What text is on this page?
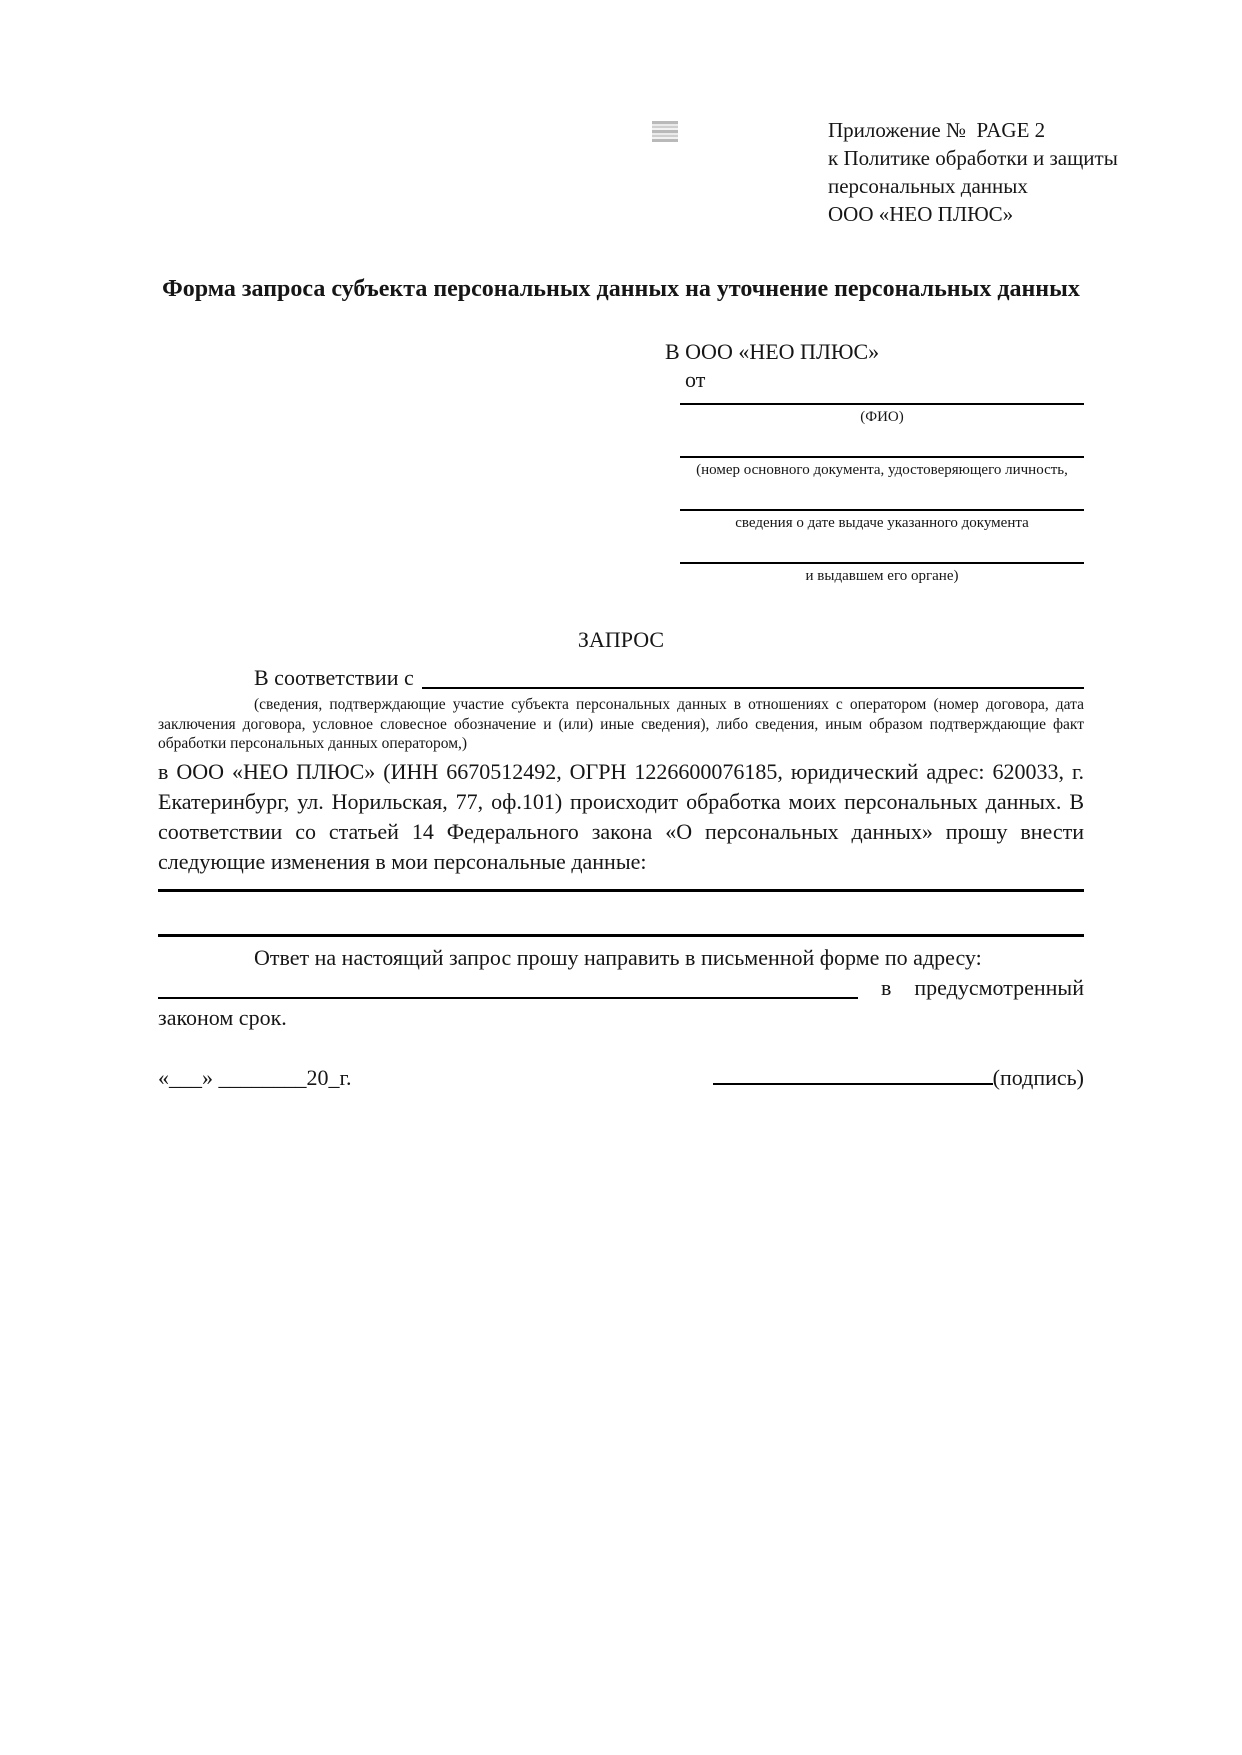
Приложение №  PAGE 2
к Политике обработки и защиты
персональных данных
ООО «НЕО ПЛЮС»
Форма запроса субъекта персональных данных на уточнение персональных данных
В ООО «НЕО ПЛЮС»
от
(ФИО)
(номер основного документа, удостоверяющего личность,
сведения о дате выдаче указанного документа
и выдавшем его органе)
ЗАПРОС
В соответствии с

(сведения, подтверждающие участие субъекта персональных данных в отношениях с оператором (номер договора, дата заключения договора, условное словесное обозначение и (или) иные сведения), либо сведения, иным образом подтверждающие факт обработки персональных данных оператором,)

в ООО «НЕО ПЛЮС» (ИНН 6670512492, ОГРН 1226600076185, юридический адрес: 620033, г. Екатеринбург, ул. Норильская, 77, оф.101) происходит обработка моих персональных данных. В соответствии со статьей 14 Федерального закона «О персональных данных» прошу внести следующие изменения в мои персональные данные:

Ответ на настоящий запрос прошу направить в письменной форме по адресу:

в предусмотренный

законом срок.

«___» ________20_г.	(подпись)
